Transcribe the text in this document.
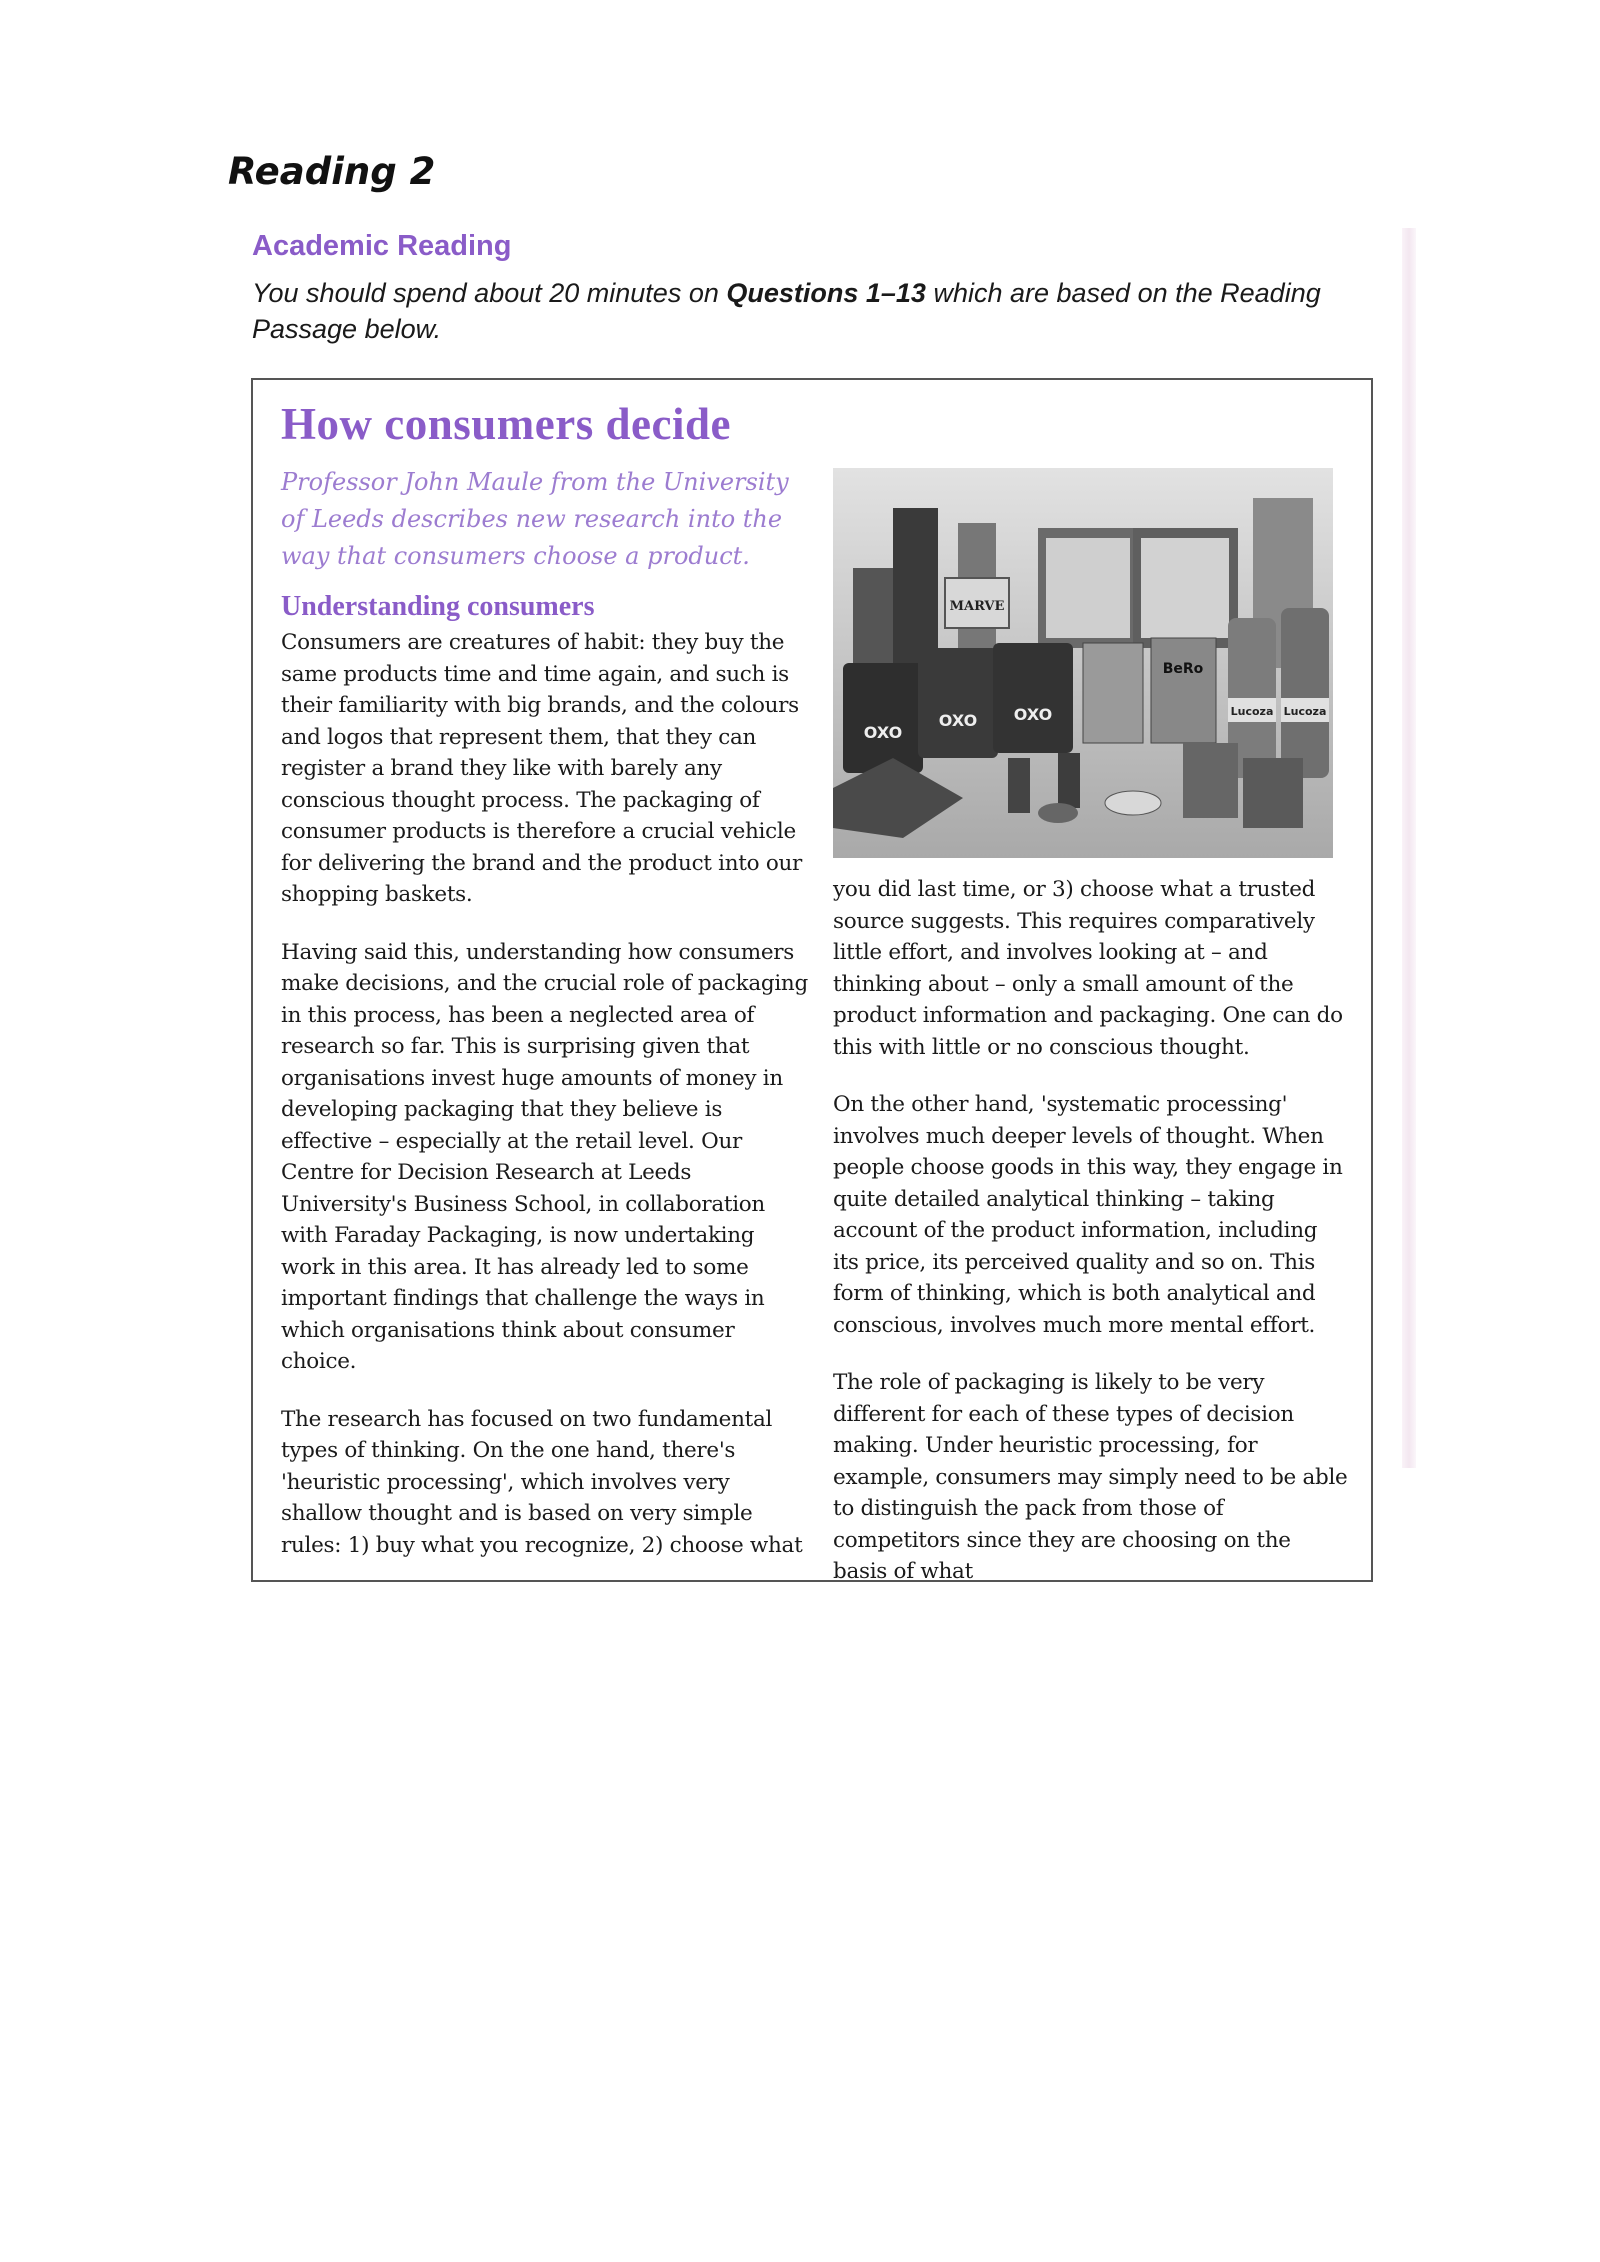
Reading 2
Academic Reading

You should spend about 20 minutes on Questions 1–13 which are based on the Reading Passage below.

How consumers decide

Professor John Maule from the University of Leeds describes new research into the way that consumers choose a product.

Understanding consumers

Consumers are creatures of habit: they buy the same products time and time again, and such is their familiarity with big brands, and the colours and logos that represent them, that they can register a brand they like with barely any conscious thought process. The packaging of consumer products is therefore a crucial vehicle for delivering the brand and the product into our shopping baskets.

Having said this, understanding how consumers make decisions, and the crucial role of packaging in this process, has been a neglected area of research so far. This is surprising given that organisations invest huge amounts of money in developing packaging that they believe is effective – especially at the retail level. Our Centre for Decision Research at Leeds University's Business School, in collaboration with Faraday Packaging, is now undertaking work in this area. It has already led to some important findings that challenge the ways in which organisations think about consumer choice.

The research has focused on two fundamental types of thinking. On the one hand, there's 'heuristic processing', which involves very shallow thought and is based on very simple rules: 1) buy what you recognize, 2) choose what

MARVE
BeRo
Lucoza Lucoza
OXO
OXO OXO

you did last time, or 3) choose what a trusted source suggests. This requires comparatively little effort, and involves looking at – and thinking about – only a small amount of the product information and packaging. One can do this with little or no conscious thought.

On the other hand, 'systematic processing' involves much deeper levels of thought. When people choose goods in this way, they engage in quite detailed analytical thinking – taking account of the product information, including its price, its perceived quality and so on. This form of thinking, which is both analytical and conscious, involves much more mental effort.

The role of packaging is likely to be very different for each of these types of decision making. Under heuristic processing, for example, consumers may simply need to be able to distinguish the pack from those of competitors since they are choosing on the basis of what
